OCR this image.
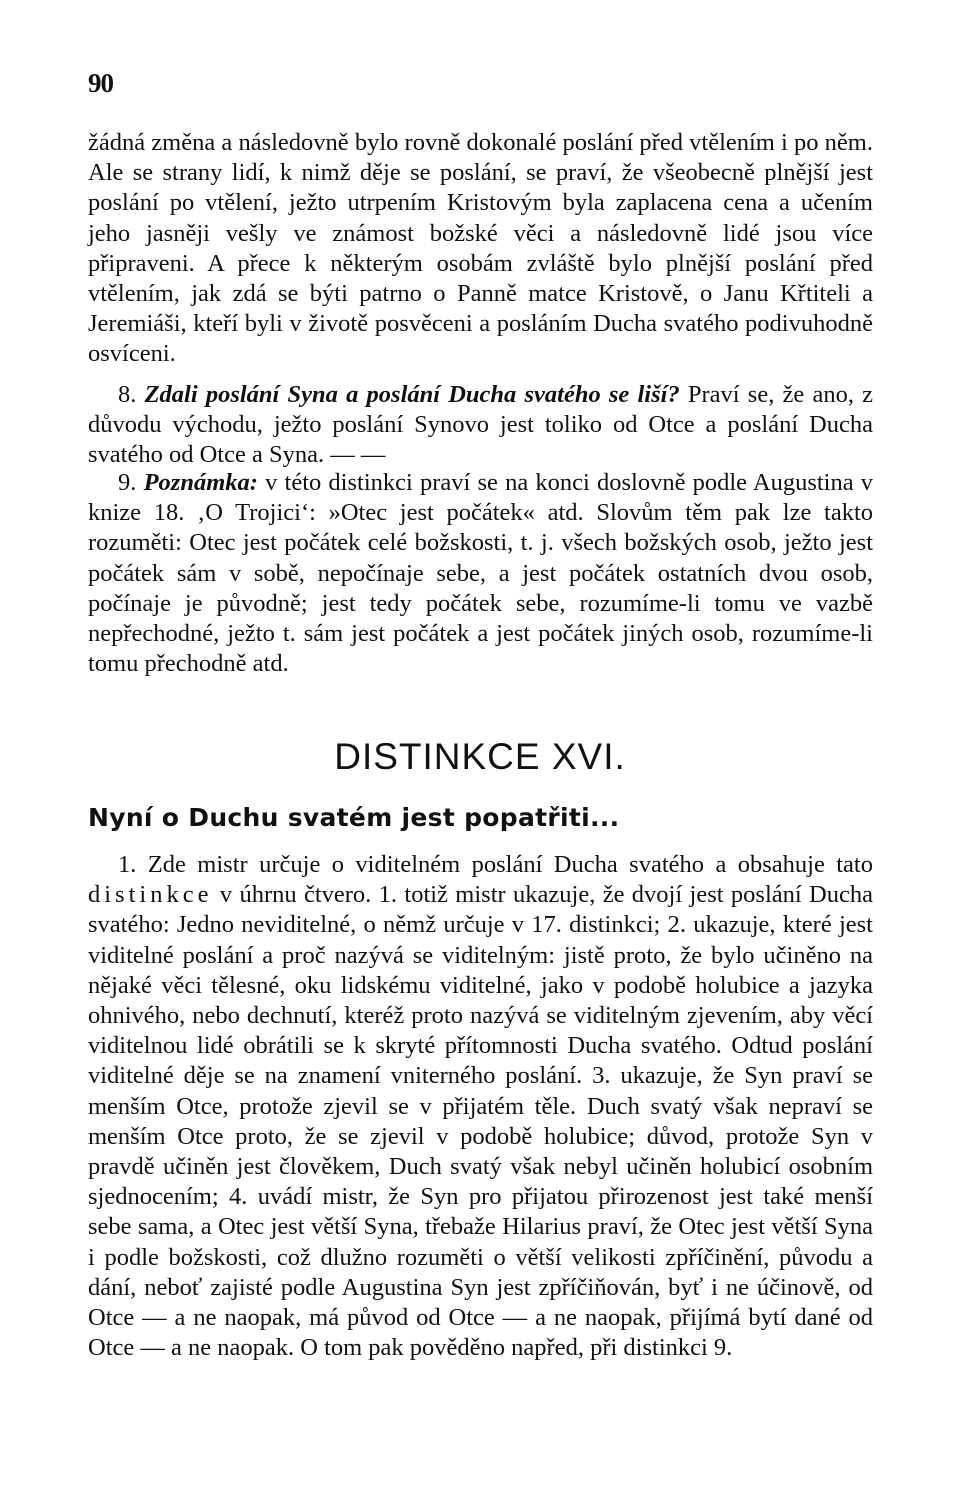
90

žádná změna a následovně bylo rovně dokonalé poslání před vtělením i po něm. Ale se strany lidí, k nimž děje se poslání, se praví, že všeobecně plnější jest poslání po vtělení, ježto utrpením Kristovým byla zaplacena cena a učením jeho jasněji vešly ve známost božské věci a následovně lidé jsou více připraveni. A přece k některým osobám zvláště bylo plnější poslání před vtělením, jak zdá se býti patrno o Panně matce Kristově, o Janu Křtiteli a Jeremiáši, kteří byli v životě posvěceni a posláním Ducha svatého podivuhodně osvíceni.

8. Zdali poslání Syna a poslání Ducha svatého se liší? Praví se, že ano, z důvodu východu, ježto poslání Synovo jest toliko od Otce a poslání Ducha svatého od Otce a Syna. — —

9. Poznámka: v této distinkci praví se na konci doslovně podle Augustina v knize 18. ‚O Trojici‘: »Otec jest počátek« atd. Slovům těm pak lze takto rozuměti: Otec jest počátek celé božskosti, t. j. všech božských osob, ježto jest počátek sám v sobě, nepočínaje sebe, a jest počátek ostatních dvou osob, počínaje je původně; jest tedy počátek sebe, rozumíme-li tomu ve vazbě nepřechodné, ježto t. sám jest počátek a jest počátek jiných osob, rozumíme-li tomu přechodně atd.

DISTINKCE XVI.
Nyní o Duchu svatém jest popatřiti...

1. Zde mistr určuje o viditelném poslání Ducha svatého a obsahuje tato distinkce v úhrnu čtvero. 1. totiž mistr ukazuje, že dvojí jest poslání Ducha svatého: Jedno neviditelné, o němž určuje v 17. distinkci; 2. ukazuje, které jest viditelné poslání a proč nazývá se viditelným: jistě proto, že bylo učiněno na nějaké věci tělesné, oku lidskému viditelné, jako v podobě holubice a jazyka ohnivého, nebo dechnutí, kteréž proto nazývá se viditelným zjevením, aby věcí viditelnou lidé obrátili se k skryté přítomnosti Ducha svatého. Odtud poslání viditelné děje se na znamení vniterného poslání. 3. ukazuje, že Syn praví se menším Otce, protože zjevil se v přijatém těle. Duch svatý však nepraví se menším Otce proto, že se zjevil v podobě holubice; důvod, protože Syn v pravdě učiněn jest člověkem, Duch svatý však nebyl učiněn holubicí osobním sjednocením; 4. uvádí mistr, že Syn pro přijatou přirozenost jest také menší sebe sama, a Otec jest větší Syna, třebaže Hilarius praví, že Otec jest větší Syna i podle božskosti, což dlužno rozuměti o větší velikosti zpříčinění, původu a dání, neboť zajisté podle Augustina Syn jest zpříčiňován, byť i ne účinově, od Otce — a ne naopak, má původ od Otce — a ne naopak, přijímá bytí dané od Otce — a ne naopak. O tom pak pověděno napřed, při distinkci 9.
